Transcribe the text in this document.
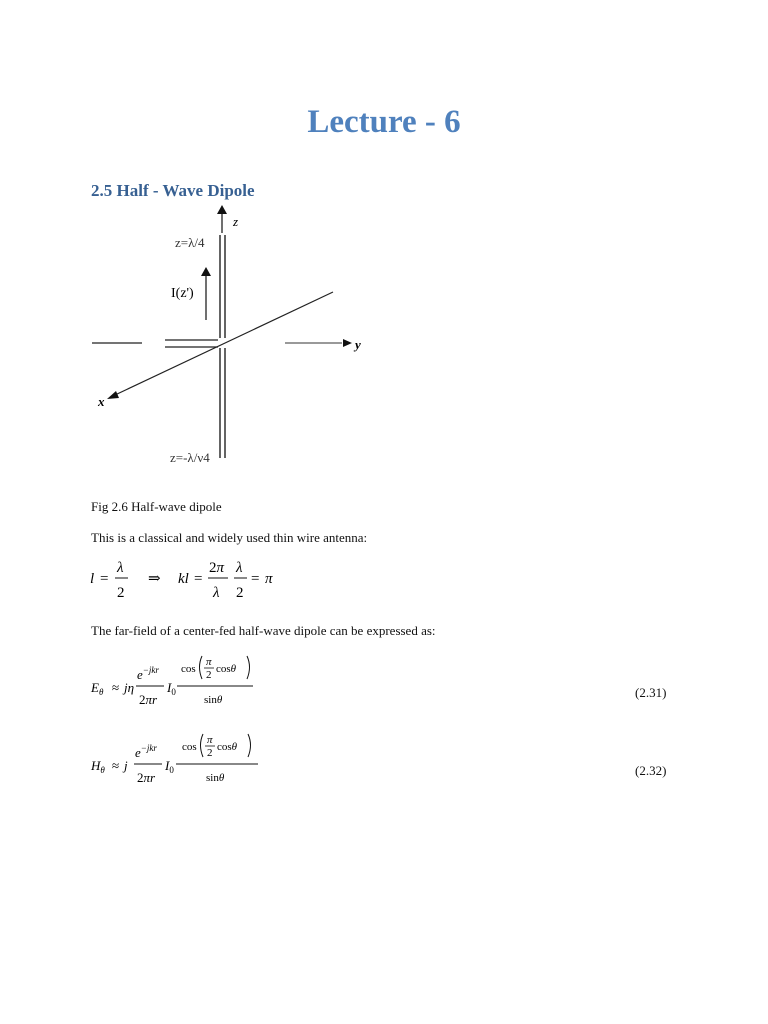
Lecture - 6
2.5 Half - Wave Dipole
z
z=λ/4
I(z')
y
x
z=-λ/ν4
Fig 2.6 Half-wave dipole
This is a classical and widely used thin wire antenna:
l =
λ
2
⇒ kl =
2π
λ
λ
2
= π
The far-field of a center-fed half-wave dipole can be expressed as:
$E_\theta \approx j\eta$
$e^{-jkr}$
2πr
$I_0$
cos
π
2 cosθ
sinθ	(2.31)
$H_\theta \approx j$
$e^{-jkr}$
2πr
$I_0$
cos
π
2 cosθ
sinθ	(2.32)
